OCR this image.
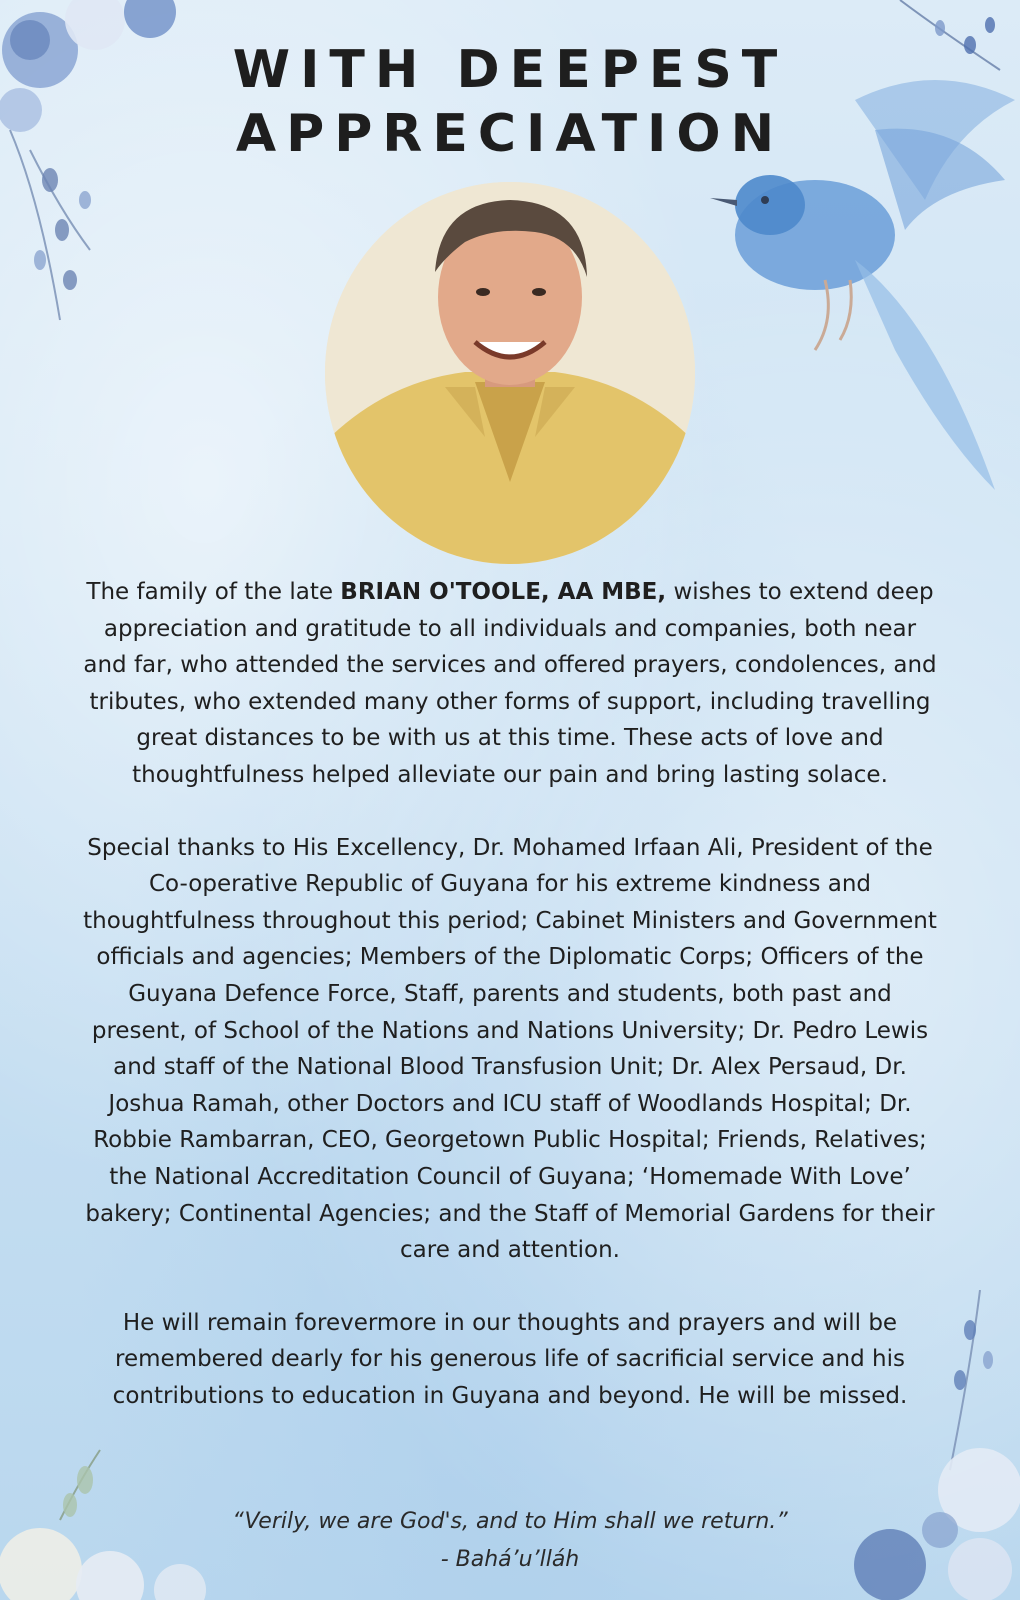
WITH DEEPEST
APPRECIATION

The family of the late BRIAN O'TOOLE, AA MBE, wishes to extend deep appreciation and gratitude to all individuals and companies, both near and far, who attended the services and offered prayers, condolences, and tributes, who extended many other forms of support, including travelling great distances to be with us at this time. These acts of love and thoughtfulness helped alleviate our pain and bring lasting solace.

Special thanks to His Excellency, Dr. Mohamed Irfaan Ali, President of the Co-operative Republic of Guyana for his extreme kindness and thoughtfulness throughout this period; Cabinet Ministers and Government officials and agencies; Members of the Diplomatic Corps; Officers of the Guyana Defence Force, Staff, parents and students, both past and present, of School of the Nations and Nations University; Dr. Pedro Lewis and staff of the National Blood Transfusion Unit; Dr. Alex Persaud, Dr. Joshua Ramah, other Doctors and ICU staff of Woodlands Hospital; Dr. Robbie Rambarran, CEO, Georgetown Public Hospital; Friends, Relatives; the National Accreditation Council of Guyana; ‘Homemade With Love’ bakery; Continental Agencies; and the Staff of Memorial Gardens for their care and attention.

He will remain forevermore in our thoughts and prayers and will be remembered dearly for his generous life of sacrificial service and his contributions to education in Guyana and beyond. He will be missed.

“Verily, we are God's, and to Him shall we return.”
- Bahá’u’lláh
